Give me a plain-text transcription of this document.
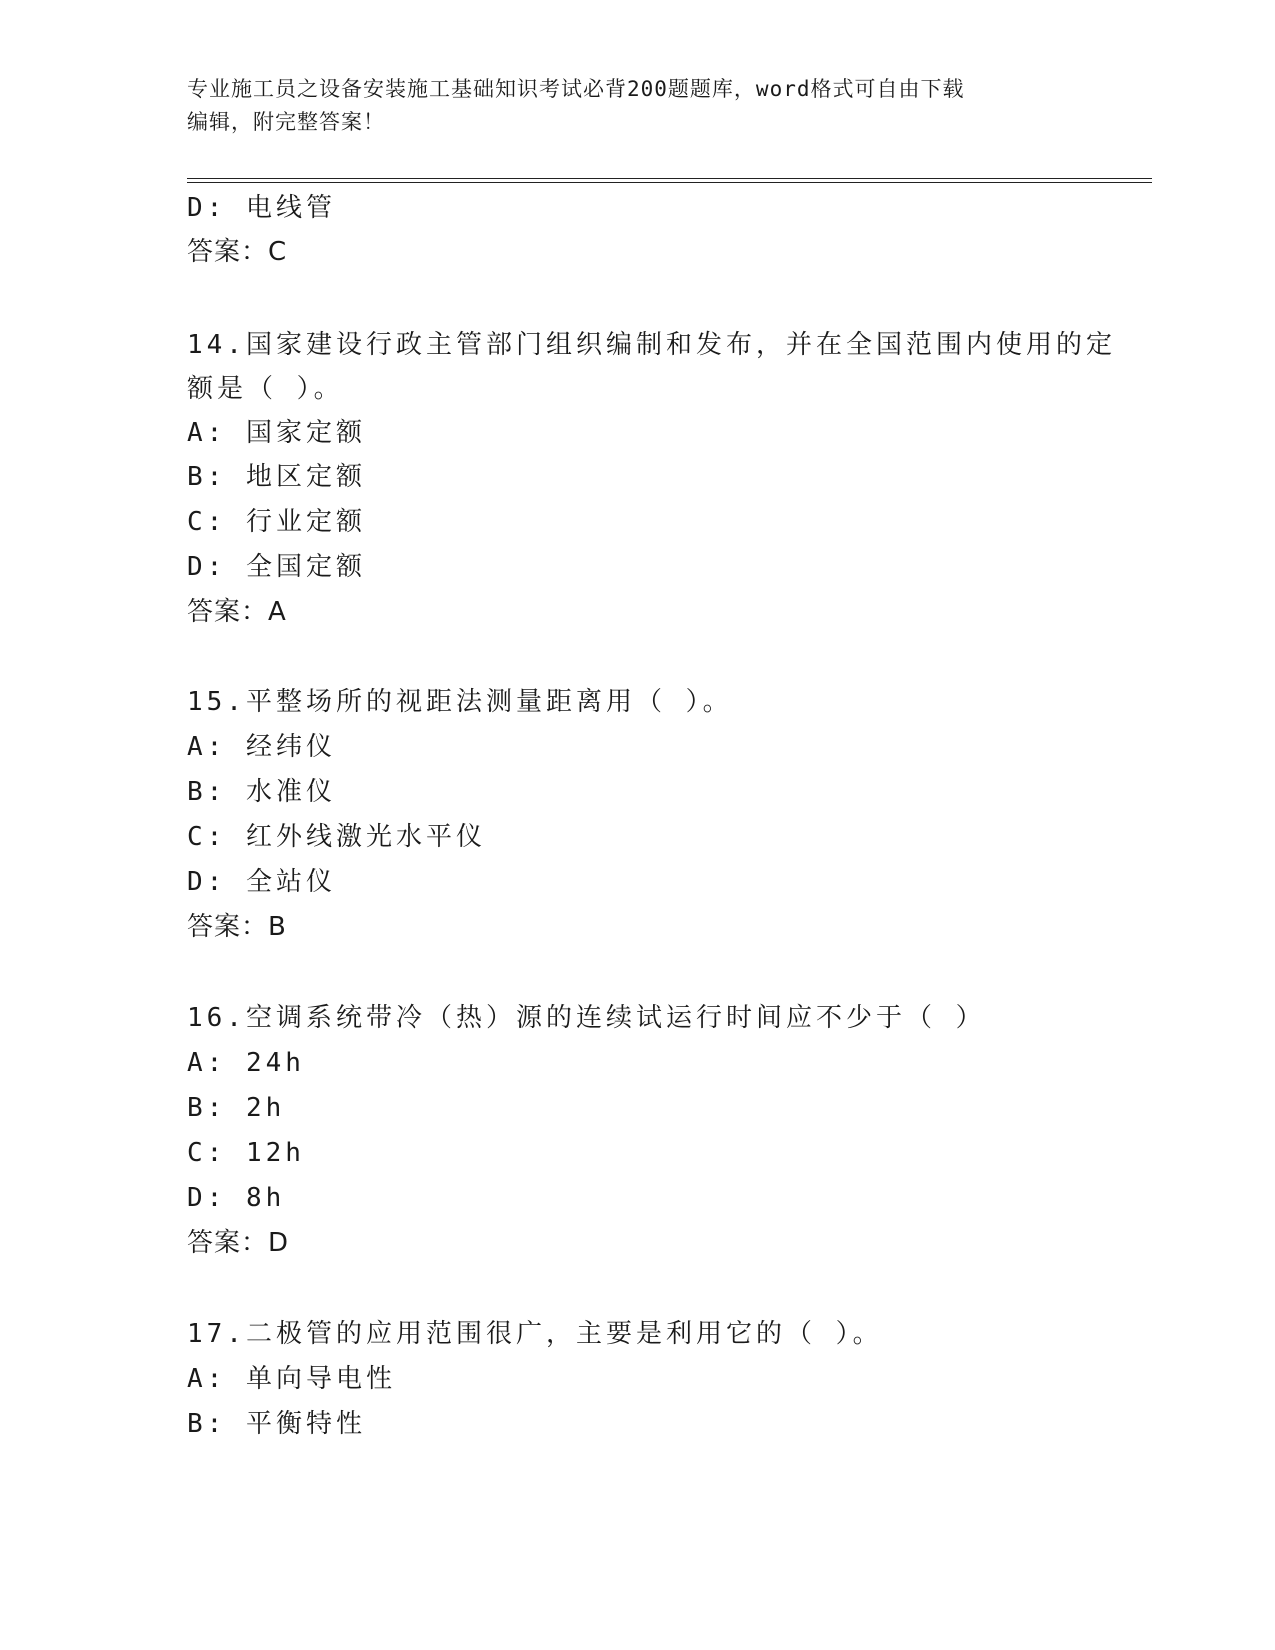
专业施工员之设备安装施工基础知识考试必背200题题库，word格式可自由下载
编辑，附完整答案！
D: 电线管
答案：C
14.国家建设行政主管部门组织编制和发布，并在全国范围内使用的定
额是（ ）。
A: 国家定额
B: 地区定额
C: 行业定额
D: 全国定额
答案：A
15.平整场所的视距法测量距离用（ ）。
A: 经纬仪
B: 水准仪
C: 红外线激光水平仪
D: 全站仪
答案：B
16.空调系统带冷（热）源的连续试运行时间应不少于（ ）
A: 24h
B: 2h
C: 12h
D: 8h
答案：D
17.二极管的应用范围很广，主要是利用它的（ ）。
A: 单向导电性
B: 平衡特性
